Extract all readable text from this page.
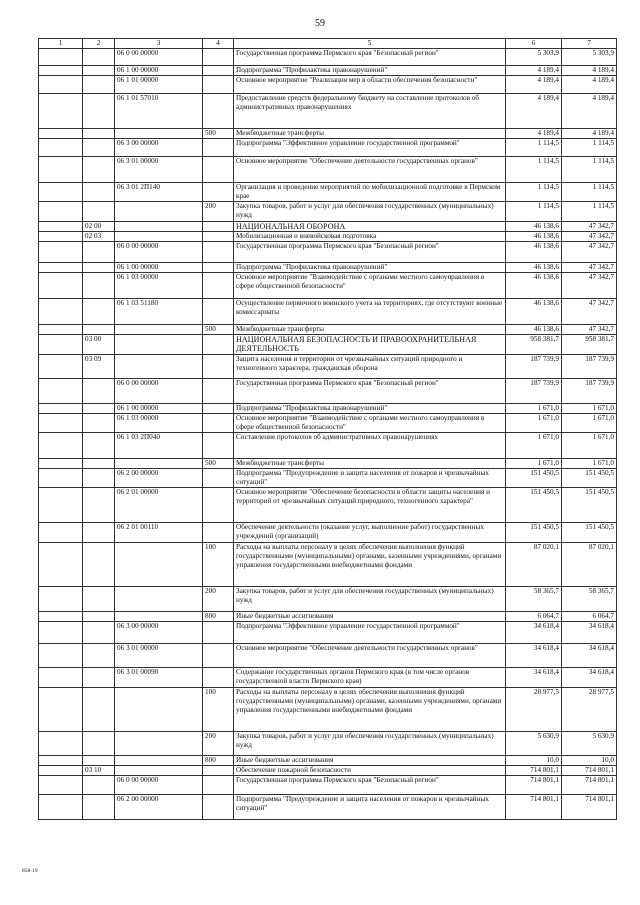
59
1	2	3	4	5	6	7
		06 0 00 00000		Государственная программа Пермского края "Безопасный регион"	5 303,9	5 303,9
		06 1 00 00000		Подпрограмма "Профилактика правонарушений"	4 189,4	4 189,4
		06 1 01 00000		Основное мероприятие "Реализация мер в области обеспечения безопасности"	4 189,4	4 189,4
		06 1 01 57010		Предоставление средств федеральному бюджету на составление протоколов об административных правонарушениях	4 189,4	4 189,4
			500	Межбюджетные трансферты	4 189,4	4 189,4
		06 3 00 00000		Подпрограмма "Эффективное управление государственной программой"	1 114,5	1 114,5
		06 3 01 00000		Основное мероприятие "Обеспечение деятельности государственных органов"	1 114,5	1 114,5
		06 3 01 2П140		Организация и проведение мероприятий по мобилизационной подготовке в Пермском крае	1 114,5	1 114,5
			200	Закупка товаров, работ и услуг для обеспечения государственных (муниципальных) нужд	1 114,5	1 114,5
	02 00			НАЦИОНАЛЬНАЯ ОБОРОНА	46 138,6	47 342,7
	02 03			Мобилизационная и вневойсковая подготовка	46 138,6	47 342,7
		06 0 00 00000		Государственная программа Пермского края "Безопасный регион"	46 138,6	47 342,7
		06 1 00 00000		Подпрограмма "Профилактика правонарушений"	46 138,6	47 342,7
		06 1 03 00000		Основное мероприятие "Взаимодействие с органами местного самоуправления в сфере общественной безопасности"	46 138,6	47 342,7
		06 1 03 51180		Осуществление первичного воинского учета на территориях, где отсутствуют военные комиссариаты	46 138,6	47 342,7
			500	Межбюджетные трансферты	46 138,6	47 342,7
	03 00			НАЦИОНАЛЬНАЯ БЕЗОПАСНОСТЬ И ПРАВООХРАНИТЕЛЬНАЯ ДЕЯТЕЛЬНОСТЬ	958 381,7	958 381,7
	03 09			Защита населения и территории от чрезвычайных ситуаций природного и техногенного характера, гражданская оборона	187 739,9	187 739,9
		06 0 00 00000		Государственная программа Пермского края "Безопасный регион"	187 739,9	187 739,9
		06 1 00 00000		Подпрограмма "Профилактика правонарушений"	1 671,0	1 671,0
		06 1 03 00000		Основное мероприятие "Взаимодействие с органами местного самоуправления в сфере общественной безопасности"	1 671,0	1 671,0
		06 1 03 2П040		Составление протоколов об административных правонарушениях	1 671,0	1 671,0
			500	Межбюджетные трансферты	1 671,0	1 671,0
		06 2 00 00000		Подпрограмма "Предупреждение и защита населения от пожаров и чрезвычайных ситуаций"	151 450,5	151 450,5
		06 2 01 00000		Основное мероприятие "Обеспечение безопасности в области защиты населения и территорий от чрезвычайных ситуаций природного, техногенного характера"	151 450,5	151 450,5
		06 2 01 00110		Обеспечение деятельности (оказание услуг, выполнение работ) государственных учреждений (организаций)	151 450,5	151 450,5
			100	Расходы на выплаты персоналу в целях обеспечения выполнения функций государственными (муниципальными) органами, казенными учреждениями, органами управления государственными внебюджетными фондами	87 020,1	87 020,1
			200	Закупка товаров, работ и услуг для обеспечения государственных (муниципальных) нужд	58 365,7	58 365,7
			800	Иные бюджетные ассигнования	6 064,7	6 064,7
		06 3 00 00000		Подпрограмма "Эффективное управление государственной программой"	34 618,4	34 618,4
		06 3 01 00000		Основное мероприятие "Обеспечение деятельности государственных органов"	34 618,4	34 618,4
		06 3 01 00090		Содержание государственных органов Пермского края (в том числе органов государственной власти Пермского края)	34 618,4	34 618,4
			100	Расходы на выплаты персоналу в целях обеспечения выполнения функций государственными (муниципальными) органами, казенными учреждениями, органами управления государственными внебюджетными фондами	28 977,5	28 977,5
			200	Закупка товаров, работ и услуг для обеспечения государственных (муниципальных) нужд	5 630,9	5 630,9
			800	Иные бюджетные ассигнования	10,0	10,0
	03 10			Обеспечение пожарной безопасности	714 801,1	714 801,1
		06 0 00 00000		Государственная программа Пермского края "Безопасный регион"	714 801,1	714 801,1
		06 2 00 00000		Подпрограмма "Предупреждение и защита населения от пожаров и чрезвычайных ситуаций"	714 801,1	714 801,1
858-19
